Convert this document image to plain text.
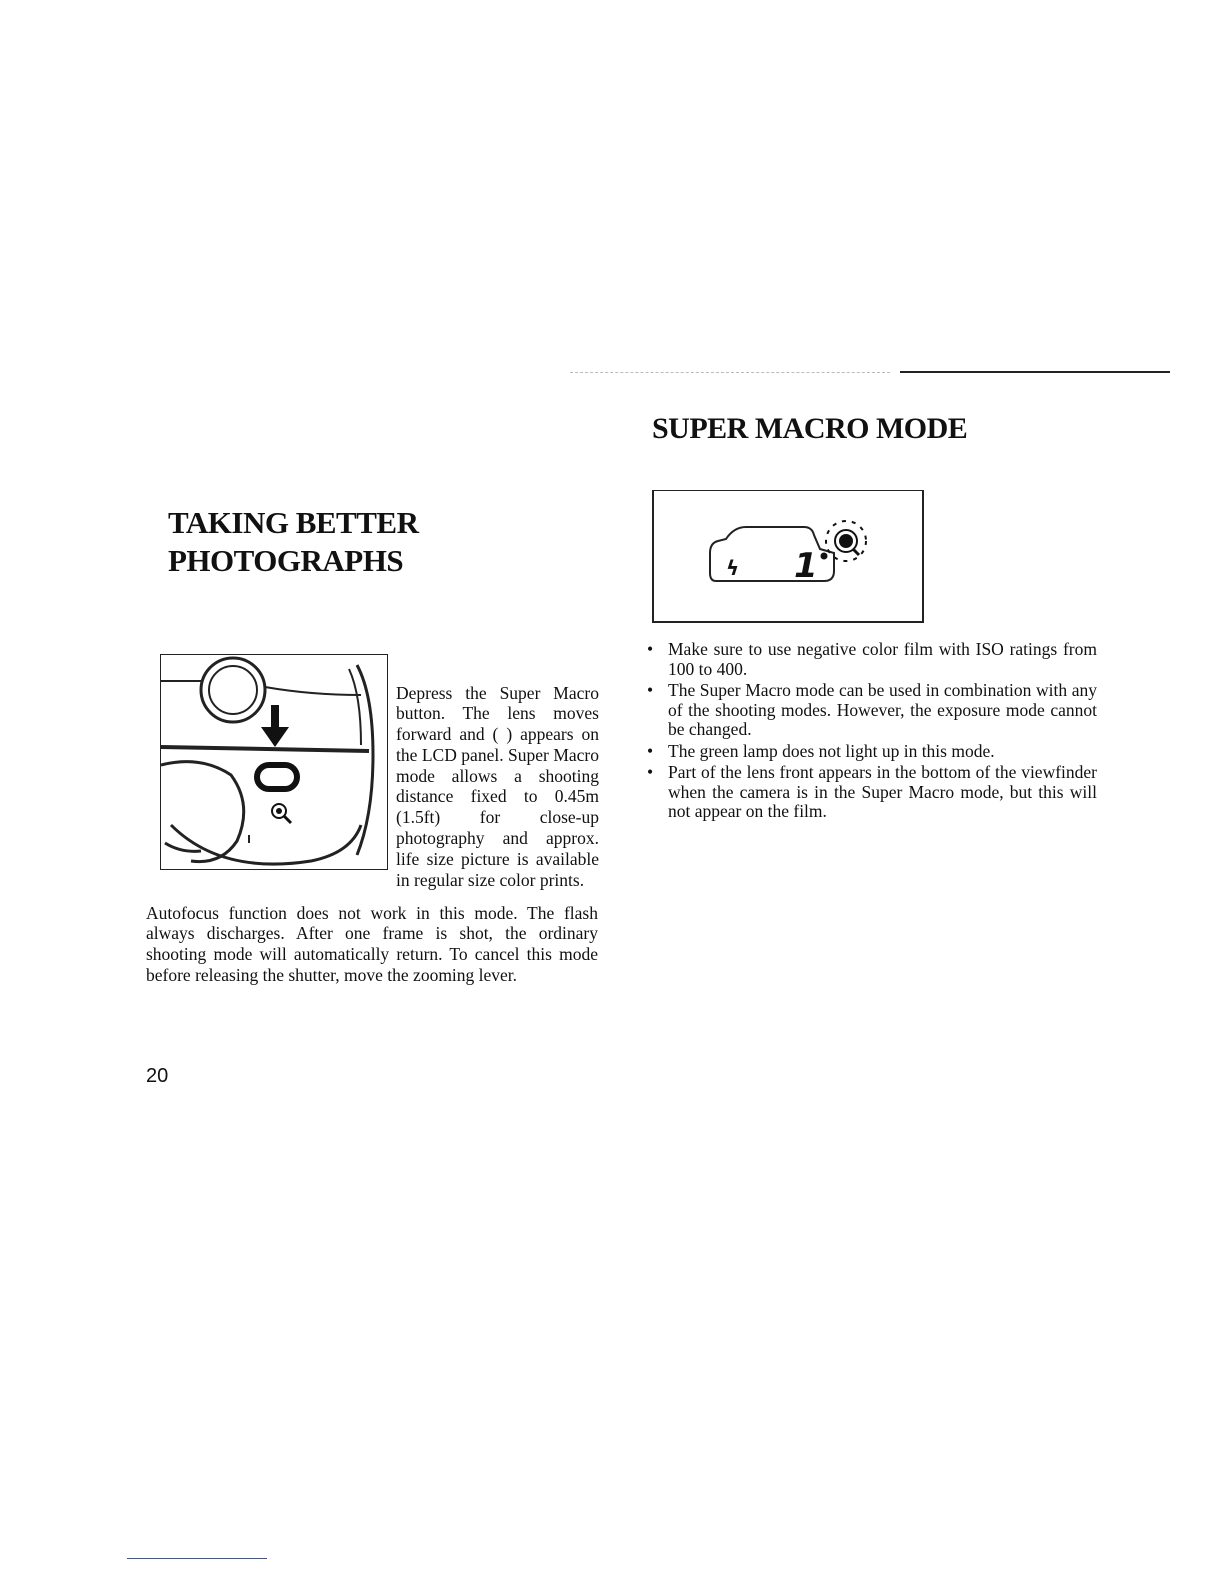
SUPER MACRO MODE
TAKING BETTER
PHOTOGRAPHS	ϟ 1

Depress the Super Macro button. The lens moves forward and ( ) appears on the LCD panel. Super Macro mode allows a shooting distance fixed to 0.45m (1.5ft) for close-up photography and approx. life size picture is available in regular size color prints.

Autofocus function does not work in this mode. The flash always discharges. After one frame is shot, the ordinary shooting mode will automatically return. To cancel this mode before releasing the shutter, move the zooming lever.

• Make sure to use negative color film with ISO ratings from 100 to 400.
• The Super Macro mode can be used in combination with any of the shooting modes. However, the exposure mode cannot be changed.
• The green lamp does not light up in this mode.
• Part of the lens front appears in the bottom of the viewfinder when the camera is in the Super Macro mode, but this will not appear on the film.
20
